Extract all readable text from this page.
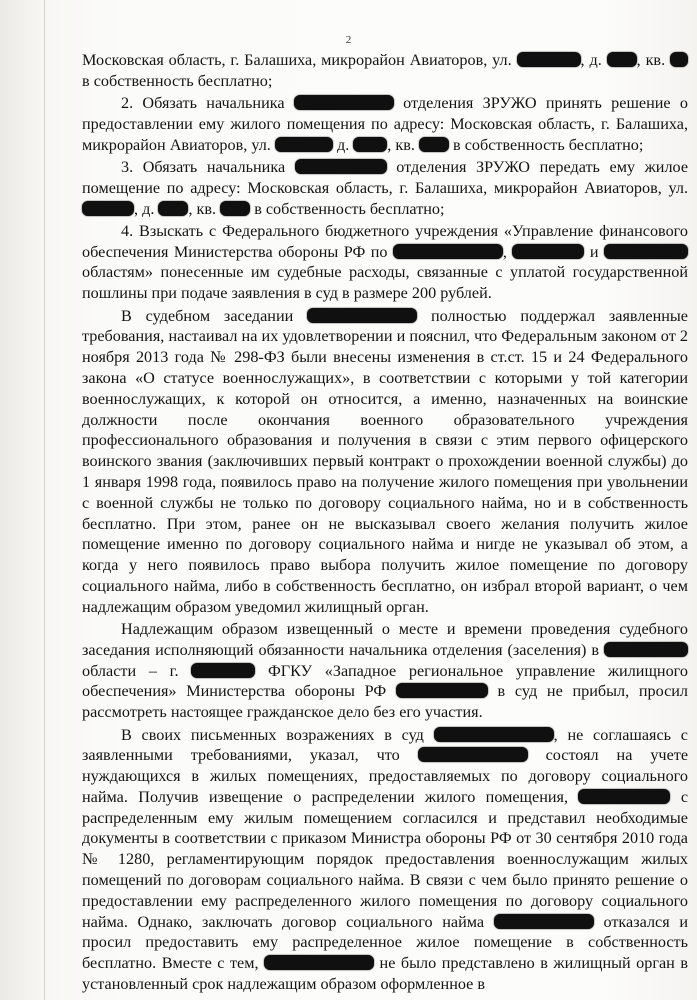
2

Московская область, г. Балашиха, микрорайон Авиаторов, ул.	, д. , кв.  в собственность бесплатно;

2. Обязать начальника	отделения ЗРУЖО принять решение о предоставлении ему жилого помещения по адресу: Московская область, г. Балашиха, микрорайон Авиаторов, ул.	д. , кв.  в собственность бесплатно;

3. Обязать начальника	отделения ЗРУЖО передать ему жилое помещение по адресу: Московская область, г. Балашиха, микрорайон Авиаторов, ул. , д. , кв.  в собственность бесплатно;

4. Взыскать с Федерального бюджетного учреждения «Управление финансового обеспечения Министерства обороны РФ по	,	и  областям» понесенные им судебные расходы, связанные с уплатой государственной пошлины при подаче заявления в суд в размере 200 рублей.

В судебном заседании	полностью поддержал заявленные требования, настаивал на их удовлетворении и пояснил, что Федеральным законом от 2 ноября 2013 года № 298-ФЗ были внесены изменения в ст.ст. 15 и 24 Федерального закона «О статусе военнослужащих», в соответствии с которыми у той категории военнослужащих, к которой он относится, а именно, назначенных на воинские должности после окончания военного образовательного учреждения профессионального образования и получения в связи с этим первого офицерского воинского звания (заключивших первый контракт о прохождении военной службы) до 1 января 1998 года, появилось право на получение жилого помещения при увольнении с военной службы не только по договору социального найма, но и в собственность бесплатно. При этом, ранее он не высказывал своего желания получить жилое помещение именно по договору социального найма и нигде не указывал об этом, а когда у него появилось право выбора получить жилое помещение по договору социального найма, либо в собственность бесплатно, он избрал второй вариант, о чем надлежащим образом уведомил жилищный орган.

Надлежащим образом извещенный о месте и времени проведения судебного заседания исполняющий обязанности начальника отделения (заселения) в  области – г.	ФГКУ «Западное региональное управление жилищного обеспечения» Министерства обороны РФ	в суд не прибыл, просил рассмотреть настоящее гражданское дело без его участия.

В своих письменных возражениях в суд	, не соглашаясь с заявленными требованиями, указал, что	состоял на учете нуждающихся в жилых помещениях, предоставляемых по договору социального найма. Получив извещение о распределении жилого помещения,	с распределенным ему жилым помещением согласился и представил необходимые документы в соответствии с приказом Министра обороны РФ от 30 сентября 2010 года № 1280, регламентирующим порядок предоставления военнослужащим жилых помещений по договорам социального найма. В связи с чем было принято решение о предоставлении ему распределенного жилого помещения по договору социального найма. Однако, заключать договор социального найма	отказался и просил предоставить ему распределенное жилое помещение в собственность бесплатно. Вместе с тем,	не было представлено в жилищный орган в установленный срок надлежащим образом оформленное в
